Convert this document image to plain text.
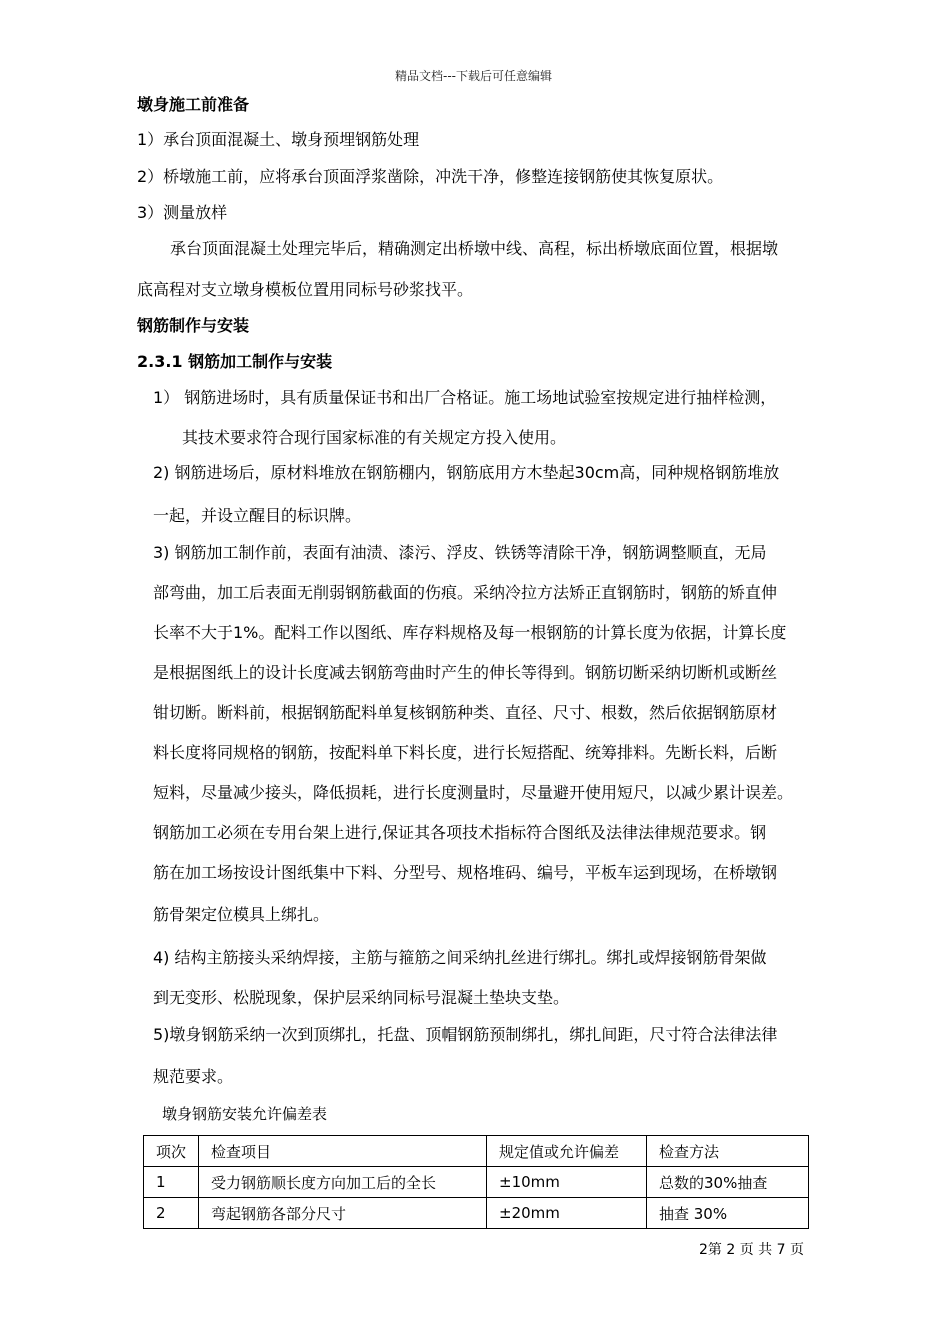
精品文档---下载后可任意编辑
墩身施工前准备
1）承台顶面混凝土、墩身预埋钢筋处理
2）桥墩施工前，应将承台顶面浮浆凿除，冲洗干净，修整连接钢筋使其恢复原状。
3）测量放样
承台顶面混凝土处理完毕后，精确测定出桥墩中线、高程，标出桥墩底面位置，根据墩
底高程对支立墩身模板位置用同标号砂浆找平。
钢筋制作与安装
2.3.1 钢筋加工制作与安装
1） 钢筋进场时，具有质量保证书和出厂合格证。施工场地试验室按规定进行抽样检测，
其技术要求符合现行国家标准的有关规定方投入使用。
2) 钢筋进场后，原材料堆放在钢筋棚内，钢筋底用方木垫起30cm高，同种规格钢筋堆放
一起，并设立醒目的标识牌。
3) 钢筋加工制作前，表面有油渍、漆污、浮皮、铁锈等清除干净，钢筋调整顺直，无局
部弯曲，加工后表面无削弱钢筋截面的伤痕。采纳冷拉方法矫正直钢筋时，钢筋的矫直伸
长率不大于1%。配料工作以图纸、库存料规格及每一根钢筋的计算长度为依据，计算长度
是根据图纸上的设计长度减去钢筋弯曲时产生的伸长等得到。钢筋切断采纳切断机或断丝
钳切断。断料前，根据钢筋配料单复核钢筋种类、直径、尺寸、根数，然后依据钢筋原材
料长度将同规格的钢筋，按配料单下料长度，进行长短搭配、统筹排料。先断长料，后断
短料，尽量减少接头，降低损耗，进行长度测量时，尽量避开使用短尺，以减少累计误差。
钢筋加工必须在专用台架上进行,保证其各项技术指标符合图纸及法律法律规范要求。钢
筋在加工场按设计图纸集中下料、分型号、规格堆码、编号，平板车运到现场，在桥墩钢
筋骨架定位模具上绑扎。
4) 结构主筋接头采纳焊接，主筋与箍筋之间采纳扎丝进行绑扎。绑扎或焊接钢筋骨架做
到无变形、松脱现象，保护层采纳同标号混凝土垫块支垫。
5)墩身钢筋采纳一次到顶绑扎，托盘、顶帽钢筋预制绑扎，绑扎间距，尺寸符合法律法律
规范要求。
墩身钢筋安装允许偏差表
项次	检查项目	规定值或允许偏差	检查方法
1	受力钢筋顺长度方向加工后的全长	±10mm	总数的30%抽查
2	弯起钢筋各部分尺寸	±20mm	抽查 30%
2第 2 页 共 7 页
